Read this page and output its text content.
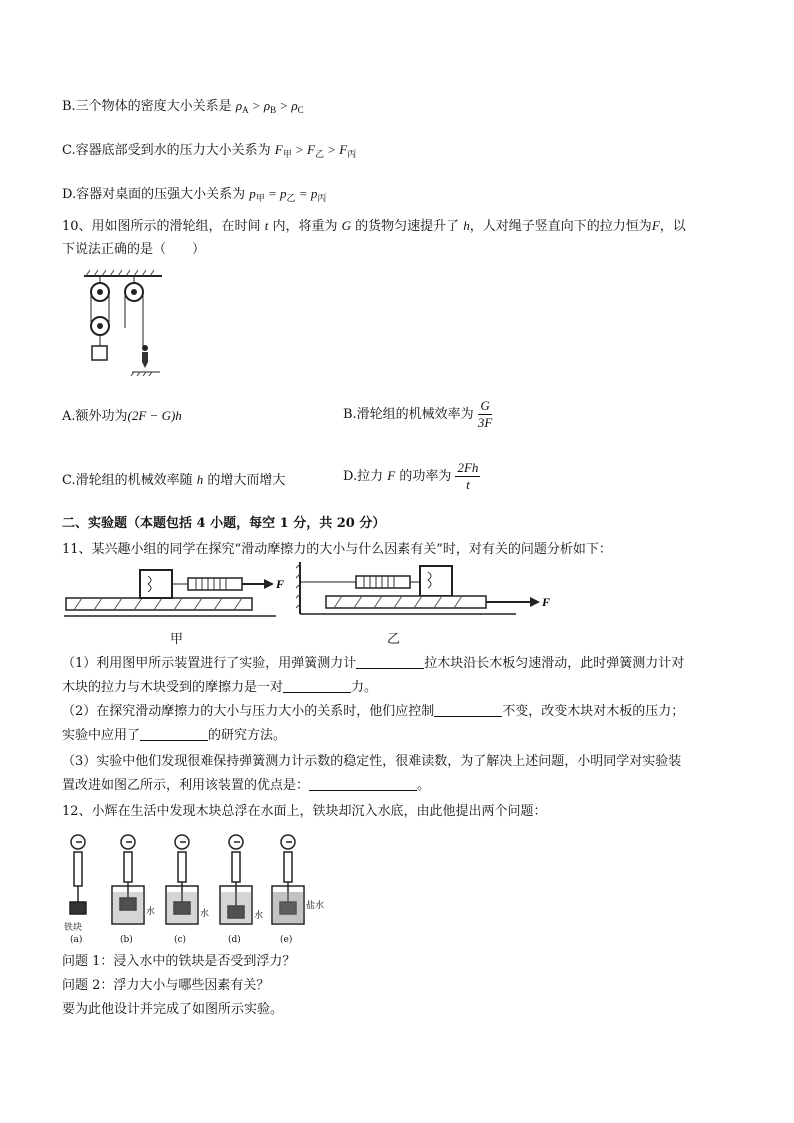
B.三个物体的密度大小关系是 $\rho_A > \rho_B > \rho_C$
C.容器底部受到水的压力大小关系为 $F_甲 > F_乙 > F_丙$
D.容器对桌面的压强大小关系为 $p_甲 = p_乙 = p_丙$
10、用如图所示的滑轮组，在时间 t 内，将重为 G 的货物匀速提升了 h，人对绳子竖直向下的拉力恒为F，以
下说法正确的是（　　）
A.额外功为(2F − G)h	B.滑轮组的机械效率为 $\frac{G}{3F}$
C.滑轮组的机械效率随 h 的增大而增大	D.拉力 F 的功率为 $\frac{2Fh}{t}$
二、实验题（本题包括 4 小题，每空 1 分，共 20 分）
11、某兴趣小组的同学在探究“滑动摩擦力的大小与什么因素有关”时，对有关的问题分析如下：
F
甲
F
乙
（1）利用图甲所示装置进行了实验，用弹簧测力计	拉木块沿长木板匀速滑动，此时弹簧测力计对
木块的拉力与木块受到的摩擦力是一对	力。
（2）在探究滑动摩擦力的大小与压力大小的关系时，他们应控制	不变，改变木块对木板的压力；
实验中应用了	的研究方法。
（3）实验中他们发现很难保持弹簧测力计示数的稳定性，很难读数，为了解决上述问题，小明同学对实验装
置改进如图乙所示，利用该装置的优点是：	。
12、小辉在生活中发现木块总浮在水面上，铁块却沉入水底，由此他提出两个问题：
铁块
水	水	水
盐水
(a)	(b)	(c)	(d)	(e)
问题 1：浸入水中的铁块是否受到浮力？
问题 2：浮力大小与哪些因素有关？
要为此他设计并完成了如图所示实验。
